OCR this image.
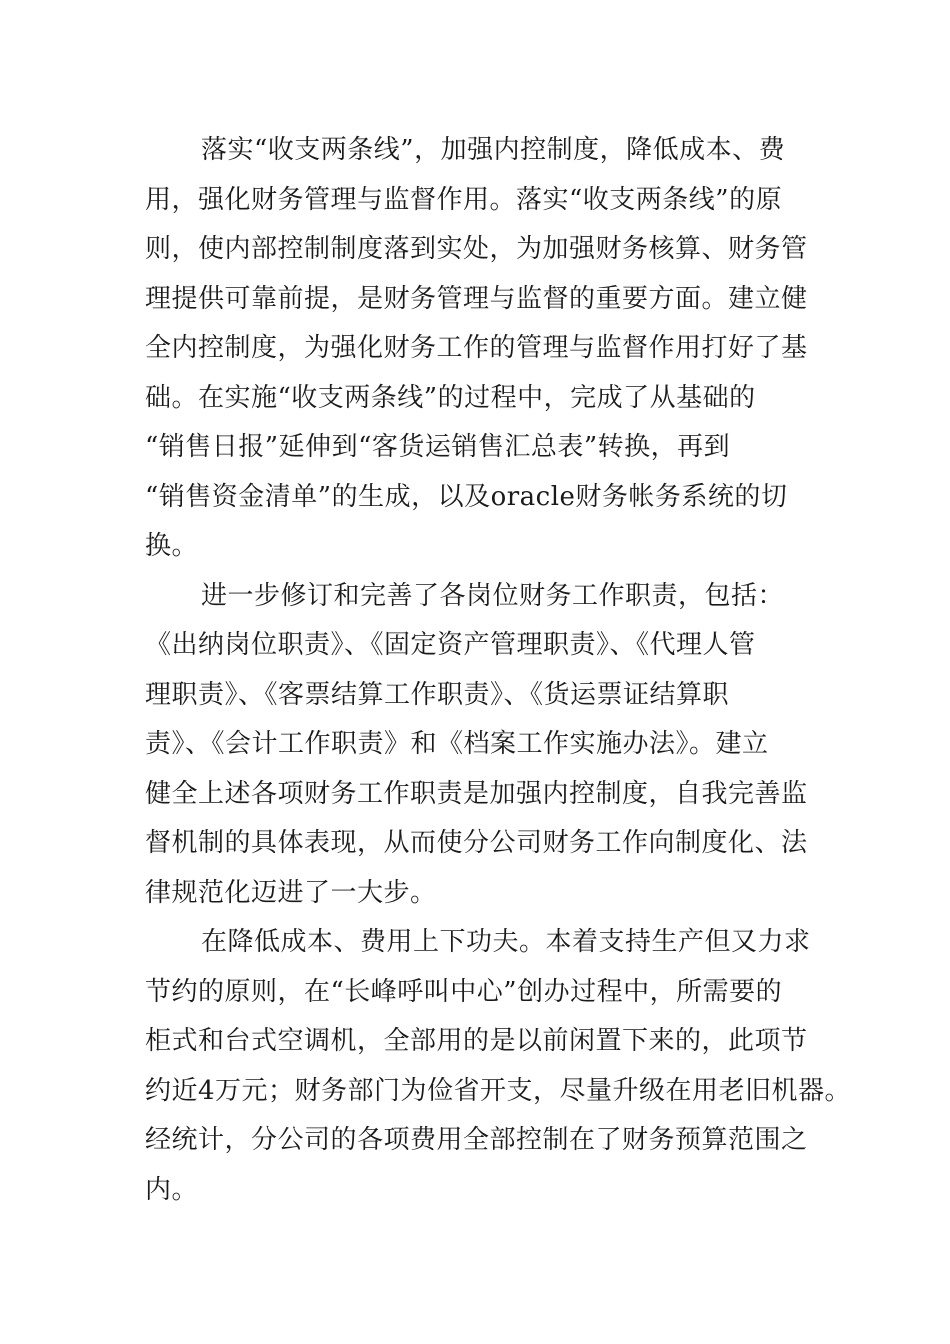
落实“收支两条线”，加强内控制度，降低成本、费
用，强化财务管理与监督作用。落实“收支两条线”的原
则，使内部控制制度落到实处，为加强财务核算、财务管
理提供可靠前提，是财务管理与监督的重要方面。建立健
全内控制度，为强化财务工作的管理与监督作用打好了基
础。在实施“收支两条线”的过程中，完成了从基础的
“销售日报”延伸到“客货运销售汇总表”转换，再到
“销售资金清单”的生成，以及oracle财务帐务系统的切
换。
进一步修订和完善了各岗位财务工作职责，包括：
《出纳岗位职责》、《固定资产管理职责》、《代理人管
理职责》、《客票结算工作职责》、《货运票证结算职
责》、《会计工作职责》和《档案工作实施办法》。建立
健全上述各项财务工作职责是加强内控制度，自我完善监
督机制的具体表现，从而使分公司财务工作向制度化、法
律规范化迈进了一大步。
在降低成本、费用上下功夫。本着支持生产但又力求
节约的原则，在“长峰呼叫中心”创办过程中，所需要的
柜式和台式空调机，全部用的是以前闲置下来的，此项节
约近4万元；财务部门为俭省开支，尽量升级在用老旧机器。
经统计，分公司的各项费用全部控制在了财务预算范围之
内。
